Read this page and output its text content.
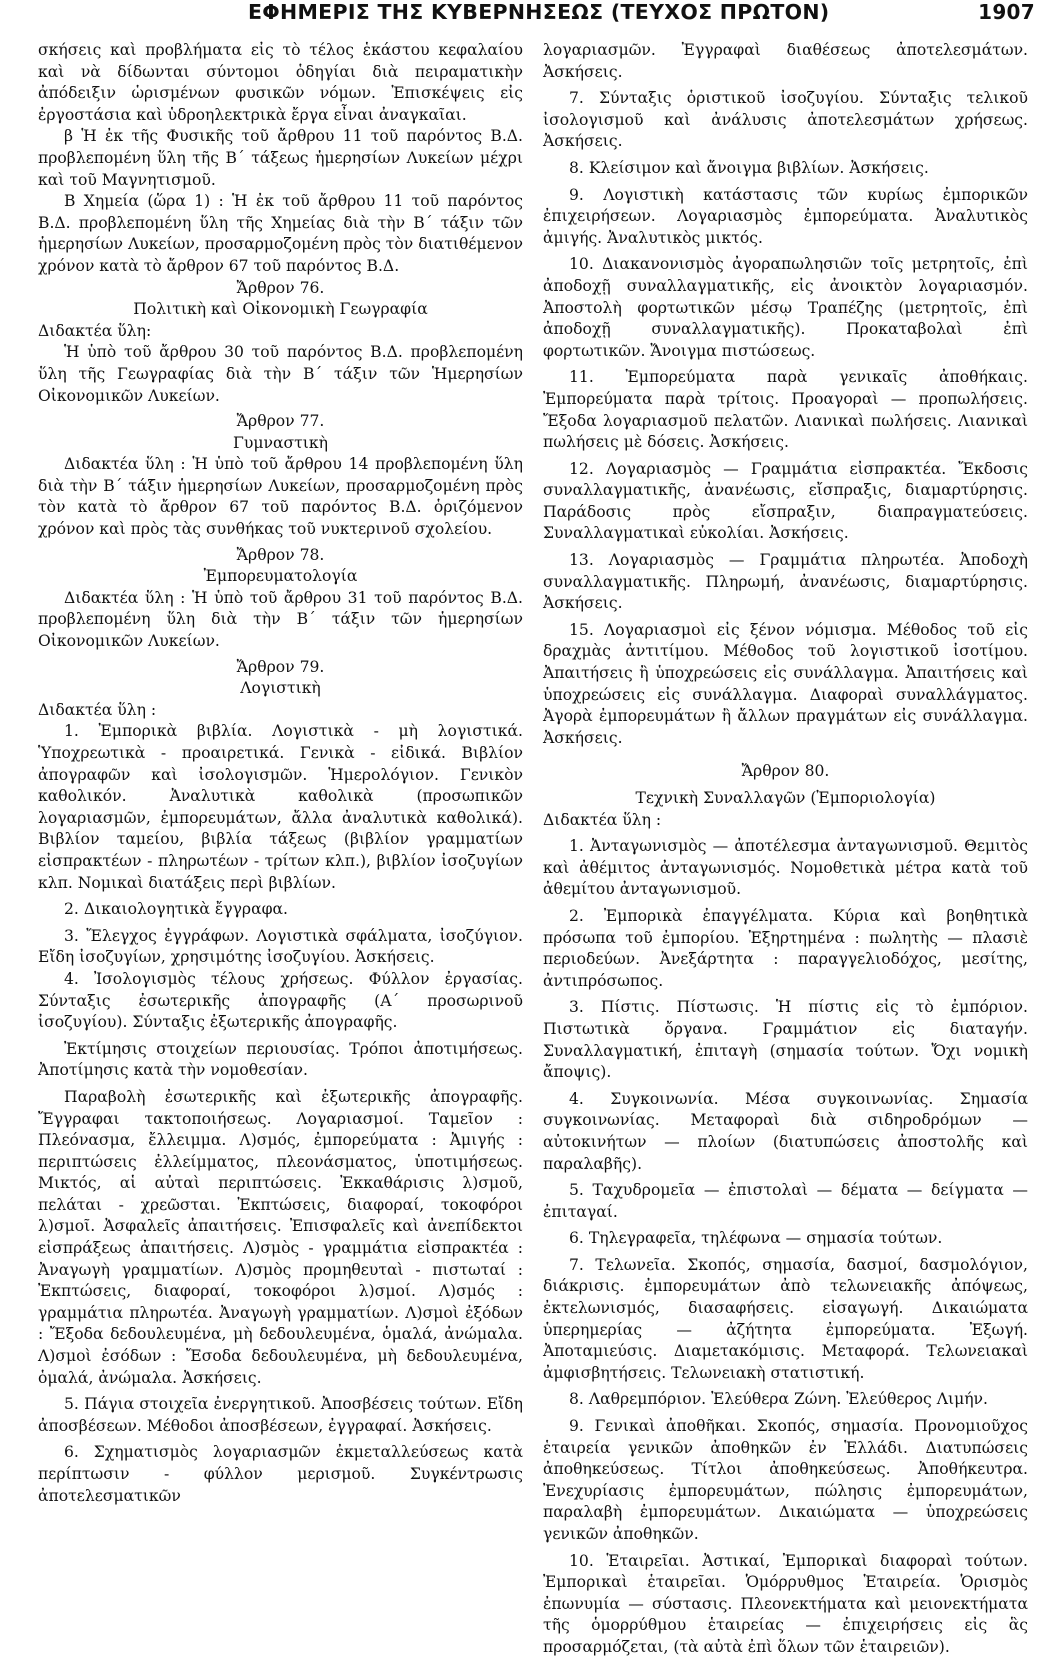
ΕΦΗΜΕΡΙΣ ΤΗΣ ΚΥΒΕΡΝΗΣΕΩΣ (ΤΕΥΧΟΣ ΠΡΩΤΟΝ)	1907

σκήσεις καὶ προβλήματα εἰς τὸ τέλος ἑκάστου κεφαλαίου καὶ νὰ δίδωνται σύντομοι ὁδηγίαι διὰ πειραματικὴν ἀπόδειξιν ὡρισμένων φυσικῶν νόμων. Ἐπισκέψεις εἰς ἐργοστάσια καὶ ὑδροηλεκτρικὰ ἔργα εἶναι ἀναγκαῖαι.

β Ἡ ἐκ τῆς Φυσικῆς τοῦ ἄρθρου 11 τοῦ παρόντος Β.Δ. προβλεπομένη ὕλη τῆς Β΄ τάξεως ἡμερησίων Λυκείων μέχρι καὶ τοῦ Μαγνητισμοῦ.

Β Χημεία (ὥρα 1) : Ἡ ἐκ τοῦ ἄρθρου 11 τοῦ παρόντος Β.Δ. προβλεπομένη ὕλη τῆς Χημείας διὰ τὴν Β΄ τάξιν τῶν ἡμερησίων Λυκείων, προσαρμοζομένη πρὸς τὸν διατιθέμενον χρόνον κατὰ τὸ ἄρθρον 67 τοῦ παρόντος Β.Δ.

Ἄρθρον 76.

Πολιτικὴ καὶ Οἰκονομικὴ Γεωγραφία

Διδακτέα ὕλη:

Ἡ ὑπὸ τοῦ ἄρθρου 30 τοῦ παρόντος Β.Δ. προβλεπομένη ὕλη τῆς Γεωγραφίας διὰ τὴν Β΄ τάξιν τῶν Ἡμερησίων Οἰκονομικῶν Λυκείων.

Ἄρθρον 77.

Γυμναστικὴ

Διδακτέα ὕλη : Ἡ ὑπὸ τοῦ ἄρθρου 14 προβλεπομένη ὕλη διὰ τὴν Β΄ τάξιν ἡμερησίων Λυκείων, προσαρμοζομένη πρὸς τὸν κατὰ τὸ ἄρθρον 67 τοῦ παρόντος Β.Δ. ὁριζόμενον χρόνον καὶ πρὸς τὰς συνθήκας τοῦ νυκτερινοῦ σχολείου.

Ἄρθρον 78.

Ἐμπορευματολογία

Διδακτέα ὕλη : Ἡ ὑπὸ τοῦ ἄρθρου 31 τοῦ παρόντος Β.Δ. προβλεπομένη ὕλη διὰ τὴν Β΄ τάξιν τῶν ἡμερησίων Οἰκονομικῶν Λυκείων.

Ἄρθρον 79.

Λογιστικὴ

Διδακτέα ὕλη :

1. Ἐμπορικὰ βιβλία. Λογιστικὰ - μὴ λογιστικά. Ὑποχρεωτικὰ - προαιρετικά. Γενικὰ - εἰδικά. Βιβλίον ἀπογραφῶν καὶ ἰσολογισμῶν. Ἡμερολόγιον. Γενικὸν καθολικόν. Ἀναλυτικὰ καθολικὰ (προσωπικῶν λογαριασμῶν, ἐμπορευμάτων, ἄλλα ἀναλυτικὰ καθολικά). Βιβλίον ταμείου, βιβλία τάξεως (βιβλίον γραμματίων εἰσπρακτέων - πληρωτέων - τρίτων κλπ.), βιβλίον ἰσοζυγίων κλπ. Νομικαὶ διατάξεις περὶ βιβλίων.

2. Δικαιολογητικὰ ἔγγραφα.

3. Ἔλεγχος ἐγγράφων. Λογιστικὰ σφάλματα, ἰσοζύγιον. Εἴδη ἰσοζυγίων, χρησιμότης ἰσοζυγίου. Ἀσκήσεις.

4. Ἰσολογισμὸς τέλους χρήσεως. Φύλλον ἐργασίας. Σύνταξις ἐσωτερικῆς ἀπογραφῆς (Α΄ προσωρινοῦ ἰσοζυγίου). Σύνταξις ἐξωτερικῆς ἀπογραφῆς.

Ἐκτίμησις στοιχείων περιουσίας. Τρόποι ἀποτιμήσεως. Ἀποτίμησις κατὰ τὴν νομοθεσίαν.

Παραβολὴ ἐσωτερικῆς καὶ ἐξωτερικῆς ἀπογραφῆς. Ἔγγραφαι τακτοποιήσεως. Λογαριασμοί. Ταμεῖον : Πλεόνασμα, ἔλλειμμα. Λ)σμός, ἐμπορεύματα : Ἀμιγής : περιπτώσεις ἐλλείμματος, πλεονάσματος, ὑποτιμήσεως. Μικτός, αἱ αὐταὶ περιπτώσεις. Ἐκκαθάρισις λ)σμοῦ, πελάται - χρεῶσται. Ἐκπτώσεις, διαφοραί, τοκοφόροι λ)σμοῖ. Ἀσφαλεῖς ἀπαιτήσεις. Ἐπισφαλεῖς καὶ ἀνεπίδεκτοι εἰσπράξεως ἀπαιτήσεις. Λ)σμὸς - γραμμάτια εἰσπρακτέα : Ἀναγωγὴ γραμματίων. Λ)σμὸς προμηθευταὶ - πιστωταί : Ἐκπτώσεις, διαφοραί, τοκοφόροι λ)σμοί. Λ)σμός : γραμμάτια πληρωτέα. Ἀναγωγὴ γραμματίων. Λ)σμοὶ ἐξόδων : Ἔξοδα δεδουλευμένα, μὴ δεδουλευμένα, ὁμαλά, ἀνώμαλα. Λ)σμοὶ ἐσόδων : Ἔσοδα δεδουλευμένα, μὴ δεδουλευμένα, ὁμαλά, ἀνώμαλα. Ἀσκήσεις.

5. Πάγια στοιχεῖα ἐνεργητικοῦ. Ἀποσβέσεις τούτων. Εἴδη ἀποσβέσεων. Μέθοδοι ἀποσβέσεων, ἐγγραφαί. Ἀσκήσεις.

6. Σχηματισμὸς λογαριασμῶν ἐκμεταλλεύσεως κατὰ περίπτωσιν - φύλλον μερισμοῦ. Συγκέντρωσις ἀποτελεσματικῶν

λογαριασμῶν. Ἐγγραφαὶ διαθέσεως ἀποτελεσμάτων. Ἀσκήσεις.

7. Σύνταξις ὁριστικοῦ ἰσοζυγίου. Σύνταξις τελικοῦ ἰσολογισμοῦ καὶ ἀνάλυσις ἀποτελεσμάτων χρήσεως. Ἀσκήσεις.

8. Κλείσιμον καὶ ἄνοιγμα βιβλίων. Ἀσκήσεις.

9. Λογιστικὴ κατάστασις τῶν κυρίως ἐμπορικῶν ἐπιχειρήσεων. Λογαριασμὸς ἐμπορεύματα. Ἀναλυτικὸς ἀμιγής. Ἀναλυτικὸς μικτός.

10. Διακανονισμὸς ἀγοραπωλησιῶν τοῖς μετρητοῖς, ἐπὶ ἀποδοχῇ συναλλαγματικῆς, εἰς ἀνοικτὸν λογαριασμόν. Ἀποστολὴ φορτωτικῶν μέσῳ Τραπέζης (μετρητοῖς, ἐπὶ ἀποδοχῇ συναλλαγματικῆς). Προκαταβολαὶ ἐπὶ φορτωτικῶν. Ἄνοιγμα πιστώσεως.

11. Ἐμπορεύματα παρὰ γενικαῖς ἀποθήκαις. Ἐμπορεύματα παρὰ τρίτοις. Προαγοραὶ — προπωλήσεις. Ἔξοδα λογαριασμοῦ πελατῶν. Λιανικαὶ πωλήσεις. Λιανικαὶ πωλήσεις μὲ δόσεις. Ἀσκήσεις.

12. Λογαριασμὸς — Γραμμάτια εἰσπρακτέα. Ἔκδοσις συναλλαγματικῆς, ἀνανέωσις, εἴσπραξις, διαμαρτύρησις. Παράδοσις πρὸς εἴσπραξιν, διαπραγματεύσεις. Συναλλαγματικαὶ εὐκολίαι. Ἀσκήσεις.

13. Λογαριασμὸς — Γραμμάτια πληρωτέα. Ἀποδοχὴ συναλλαγματικῆς. Πληρωμή, ἀνανέωσις, διαμαρτύρησις. Ἀσκήσεις.

15. Λογαριασμοὶ εἰς ξένον νόμισμα. Μέθοδος τοῦ εἰς δραχμὰς ἀντιτίμου. Μέθοδος τοῦ λογιστικοῦ ἰσοτίμου. Ἀπαιτήσεις ἢ ὑποχρεώσεις εἰς συνάλλαγμα. Ἀπαιτήσεις καὶ ὑποχρεώσεις εἰς συνάλλαγμα. Διαφοραὶ συναλλάγματος. Ἀγορὰ ἐμπορευμάτων ἢ ἄλλων πραγμάτων εἰς συνάλλαγμα. Ἀσκήσεις.

Ἄρθρον 80.

Τεχνικὴ Συναλλαγῶν (Ἐμποριολογία)

Διδακτέα ὕλη :

1. Ἀνταγωνισμὸς — ἀποτέλεσμα ἀνταγωνισμοῦ. Θεμιτὸς καὶ ἀθέμιτος ἀνταγωνισμός. Νομοθετικὰ μέτρα κατὰ τοῦ ἀθεμίτου ἀνταγωνισμοῦ.

2. Ἐμπορικὰ ἐπαγγέλματα. Κύρια καὶ βοηθητικὰ πρόσωπα τοῦ ἐμπορίου. Ἐξηρτημένα : πωλητὴς — πλασιὲ περιοδεύων. Ἀνεξάρτητα : παραγγελιοδόχος, μεσίτης, ἀντιπρόσωπος.

3. Πίστις. Πίστωσις. Ἡ πίστις εἰς τὸ ἐμπόριον. Πιστωτικὰ ὄργανα. Γραμμάτιον εἰς διαταγήν. Συναλλαγματική, ἐπιταγὴ (σημασία τούτων. Ὄχι νομικὴ ἄποψις).

4. Συγκοινωνία. Μέσα συγκοινωνίας. Σημασία συγκοινωνίας. Μεταφοραὶ διὰ σιδηροδρόμων — αὐτοκινήτων — πλοίων (διατυπώσεις ἀποστολῆς καὶ παραλαβῆς).

5. Ταχυδρομεῖα — ἐπιστολαὶ — δέματα — δείγματα — ἐπιταγαί.

6. Τηλεγραφεῖα, τηλέφωνα — σημασία τούτων.

7. Τελωνεῖα. Σκοπός, σημασία, δασμοί, δασμολόγιον, διάκρισις. ἐμπορευμάτων ἀπὸ τελωνειακῆς ἀπόψεως, ἐκτελωνισμός, διασαφήσεις. εἰσαγωγή. Δικαιώματα ὑπερημερίας — ἀζήτητα ἐμπορεύματα. Ἐξωγή. Ἀποταμιεύσις. Διαμετακόμισις. Μεταφορά. Τελωνειακαὶ ἀμφισβητήσεις. Τελωνειακὴ στατιστική.

8. Λαθρεμπόριον. Ἐλεύθερα Ζώνη. Ἐλεύθερος Λιμήν.

9. Γενικαὶ ἀποθῆκαι. Σκοπός, σημασία. Προνομιοῦχος ἑταιρεία γενικῶν ἀποθηκῶν ἐν Ἑλλάδι. Διατυπώσεις ἀποθηκεύσεως. Τίτλοι ἀποθηκεύσεως. Ἀποθήκευτρα. Ἐνεχυρίασις ἐμπορευμάτων, πώλησις ἐμπορευμάτων, παραλαβὴ ἐμπορευμάτων. Δικαιώματα — ὑποχρεώσεις γενικῶν ἀποθηκῶν.

10. Ἑταιρεῖαι. Ἀστικαί, Ἐμπορικαὶ διαφοραὶ τούτων. Ἐμπορικαὶ ἑταιρεῖαι. Ὁμόρρυθμος Ἑταιρεία. Ὁρισμὸς ἐπωνυμία — σύστασις. Πλεονεκτήματα καὶ μειονεκτήματα τῆς ὁμορρύθμου ἑταιρείας — ἐπιχειρήσεις εἰς ἃς προσαρμόζεται, (τὰ αὐτὰ ἐπὶ ὅλων τῶν ἑταιρειῶν).
